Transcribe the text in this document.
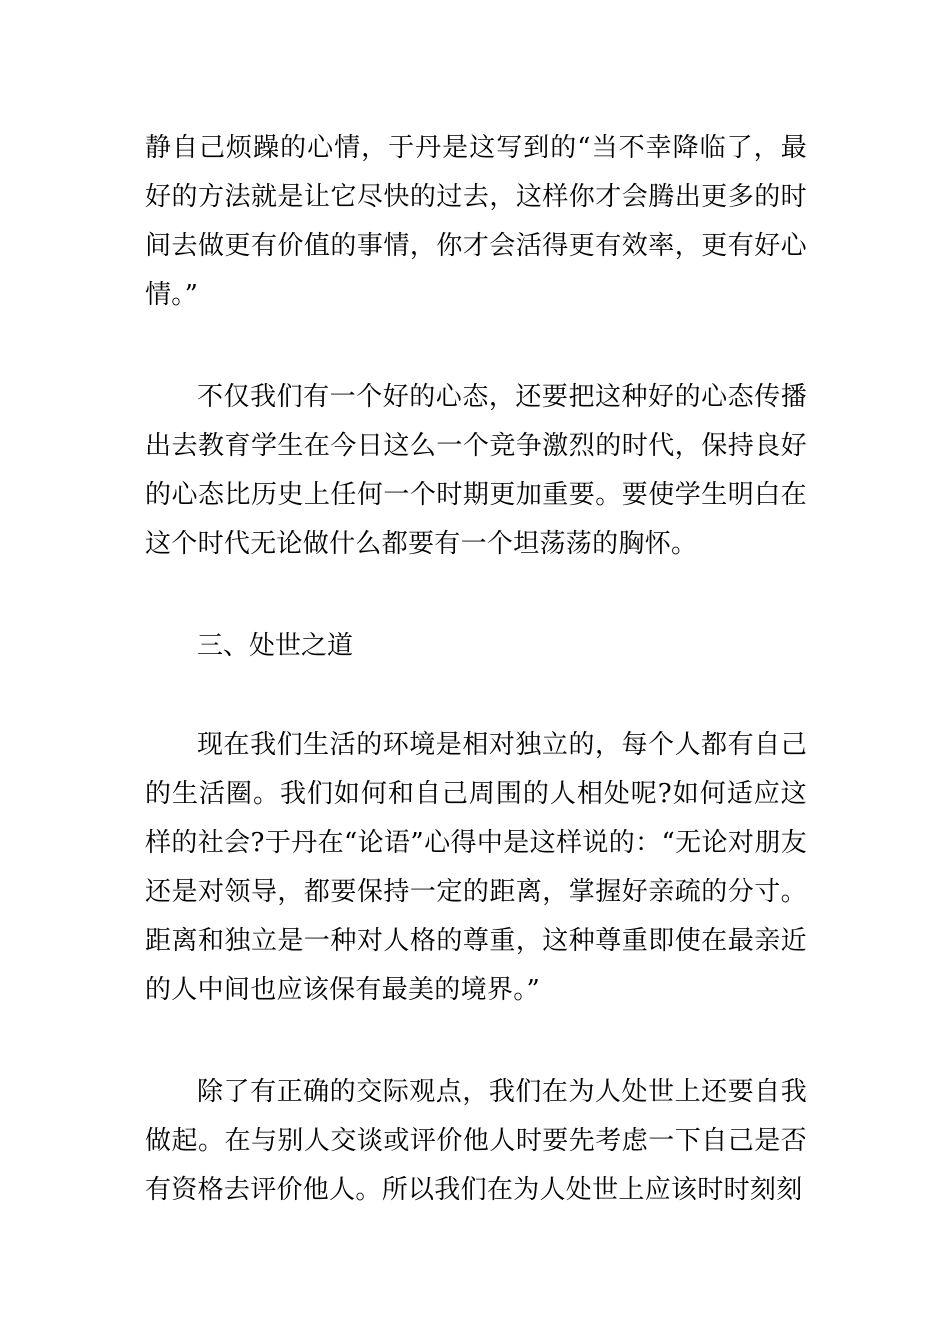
静自己烦躁的心情，于丹是这写到的“当不幸降临了，最好的方法就是让它尽快的过去，这样你才会腾出更多的时间去做更有价值的事情，你才会活得更有效率，更有好心情。”

不仅我们有一个好的心态，还要把这种好的心态传播出去教育学生在今日这么一个竞争激烈的时代，保持良好的心态比历史上任何一个时期更加重要。要使学生明白在这个时代无论做什么都要有一个坦荡荡的胸怀。

三、处世之道

现在我们生活的环境是相对独立的，每个人都有自己的生活圈。我们如何和自己周围的人相处呢?如何适应这样的社会?于丹在“论语”心得中是这样说的：“无论对朋友还是对领导，都要保持一定的距离，掌握好亲疏的分寸。距离和独立是一种对人格的尊重，这种尊重即使在最亲近的人中间也应该保有最美的境界。”

除了有正确的交际观点，我们在为人处世上还要自我做起。在与别人交谈或评价他人时要先考虑一下自己是否有资格去评价他人。所以我们在为人处世上应该时时刻刻
